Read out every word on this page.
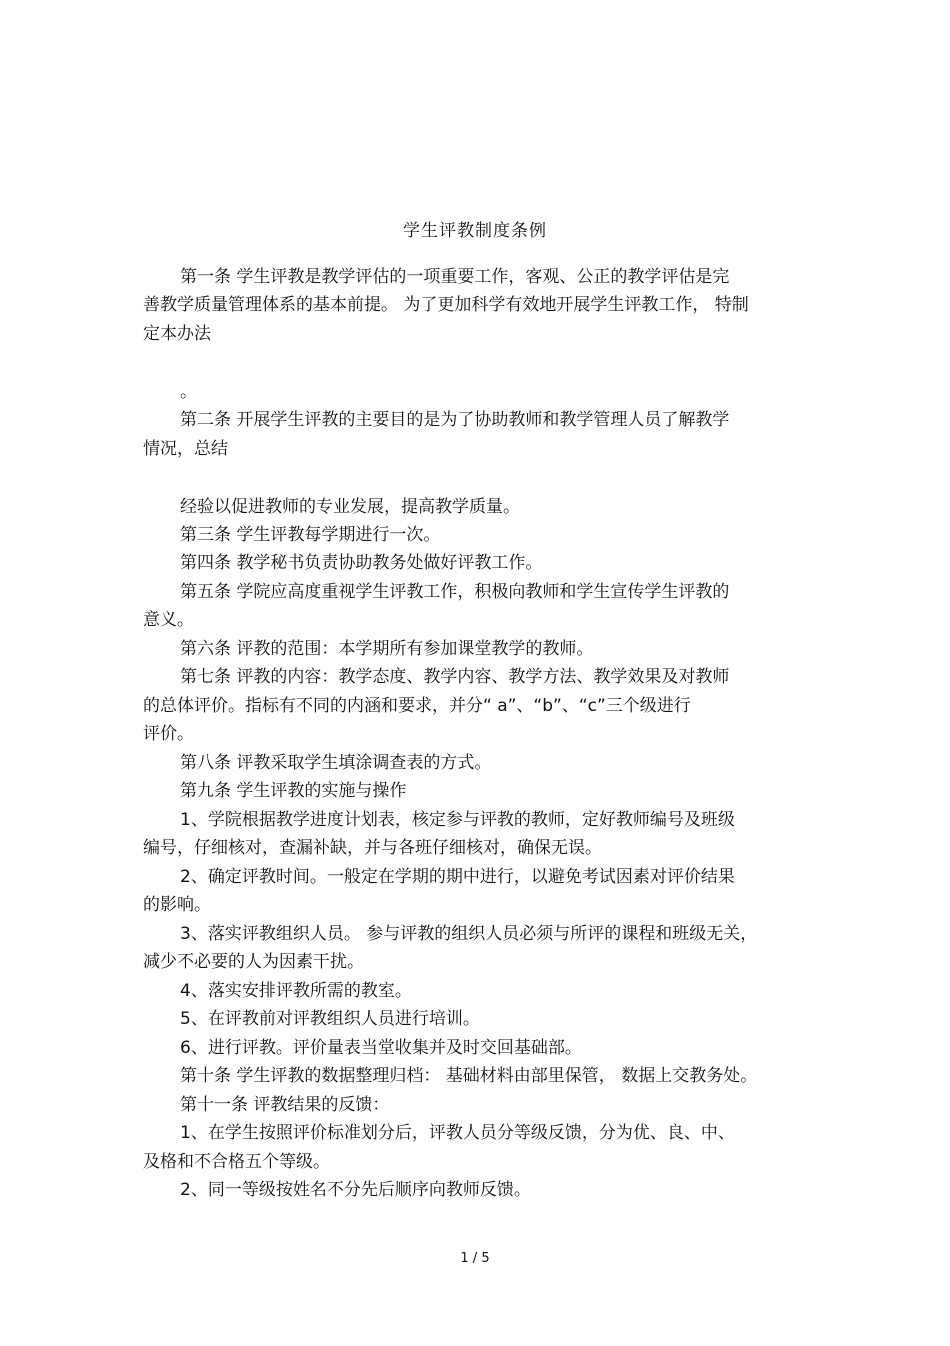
学生评教制度条例
第一条 学生评教是教学评估的一项重要工作，客观、公正的教学评估是完
善教学质量管理体系的基本前提。 为了更加科学有效地开展学生评教工作， 特制
定本办法
。
第二条 开展学生评教的主要目的是为了协助教师和教学管理人员了解教学
情况，总结
经验以促进教师的专业发展，提高教学质量。
第三条 学生评教每学期进行一次。
第四条 教学秘书负责协助教务处做好评教工作。
第五条 学院应高度重视学生评教工作，积极向教师和学生宣传学生评教的
意义。
第六条 评教的范围：本学期所有参加课堂教学的教师。
第七条 评教的内容：教学态度、教学内容、教学方法、教学效果及对教师
的总体评价。指标有不同的内涵和要求，并分“ a”、“b”、“c”三个级进行
评价。
第八条 评教采取学生填涂调查表的方式。
第九条 学生评教的实施与操作
1、学院根据教学进度计划表，核定参与评教的教师，定好教师编号及班级
编号，仔细核对，查漏补缺，并与各班仔细核对，确保无误。
2、确定评教时间。一般定在学期的期中进行，以避免考试因素对评价结果
的影响。
3、落实评教组织人员。 参与评教的组织人员必须与所评的课程和班级无关，
减少不必要的人为因素干扰。
4、落实安排评教所需的教室。
5、在评教前对评教组织人员进行培训。
6、进行评教。评价量表当堂收集并及时交回基础部。
第十条 学生评教的数据整理归档： 基础材料由部里保管， 数据上交教务处。
第十一条 评教结果的反馈：
1、在学生按照评价标准划分后，评教人员分等级反馈，分为优、良、中、
及格和不合格五个等级。
2、同一等级按姓名不分先后顺序向教师反馈。
1 / 5
